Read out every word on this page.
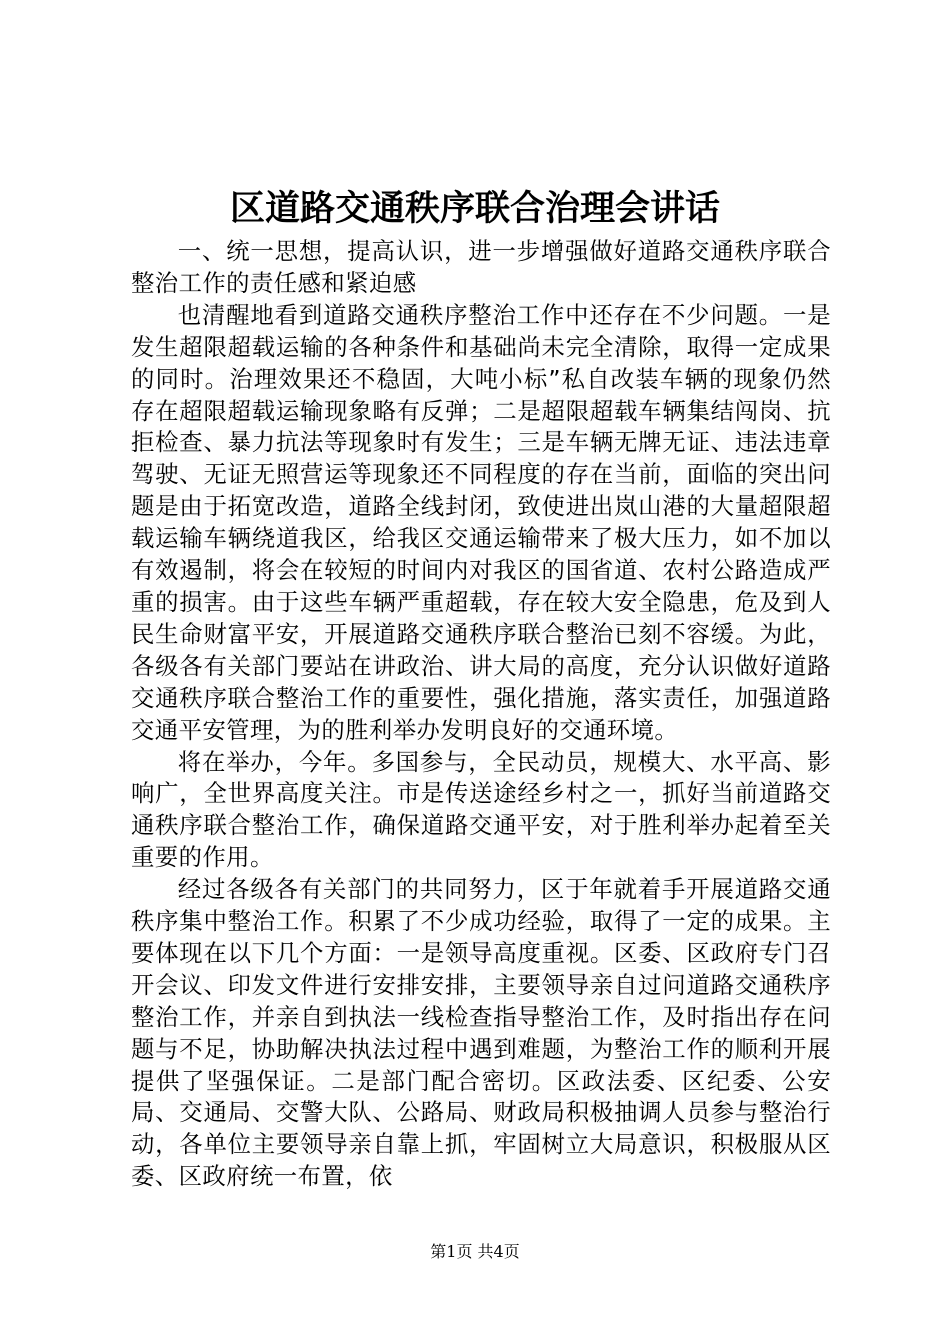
区道路交通秩序联合治理会讲话

一、统一思想，提高认识，进一步增强做好道路交通秩序联合整治工作的责任感和紧迫感

也清醒地看到道路交通秩序整治工作中还存在不少问题。一是发生超限超载运输的各种条件和基础尚未完全清除，取得一定成果的同时。治理效果还不稳固，大吨小标”私自改装车辆的现象仍然存在超限超载运输现象略有反弹；二是超限超载车辆集结闯岗、抗拒检查、暴力抗法等现象时有发生；三是车辆无牌无证、违法违章驾驶、无证无照营运等现象还不同程度的存在当前，面临的突出问题是由于拓宽改造，道路全线封闭，致使进出岚山港的大量超限超载运输车辆绕道我区，给我区交通运输带来了极大压力，如不加以有效遏制，将会在较短的时间内对我区的国省道、农村公路造成严重的损害。由于这些车辆严重超载，存在较大安全隐患，危及到人民生命财富平安，开展道路交通秩序联合整治已刻不容缓。为此，各级各有关部门要站在讲政治、讲大局的高度，充分认识做好道路交通秩序联合整治工作的重要性，强化措施，落实责任，加强道路交通平安管理，为的胜利举办发明良好的交通环境。

将在举办，今年。多国参与，全民动员，规模大、水平高、影响广，全世界高度关注。市是传送途经乡村之一，抓好当前道路交通秩序联合整治工作，确保道路交通平安，对于胜利举办起着至关重要的作用。

经过各级各有关部门的共同努力，区于年就着手开展道路交通秩序集中整治工作。积累了不少成功经验，取得了一定的成果。主要体现在以下几个方面：一是领导高度重视。区委、区政府专门召开会议、印发文件进行安排安排，主要领导亲自过问道路交通秩序整治工作，并亲自到执法一线检查指导整治工作，及时指出存在问题与不足，协助解决执法过程中遇到难题，为整治工作的顺利开展提供了坚强保证。二是部门配合密切。区政法委、区纪委、公安局、交通局、交警大队、公路局、财政局积极抽调人员参与整治行动，各单位主要领导亲自靠上抓，牢固树立大局意识，积极服从区委、区政府统一布置，依

第1页 共4页
